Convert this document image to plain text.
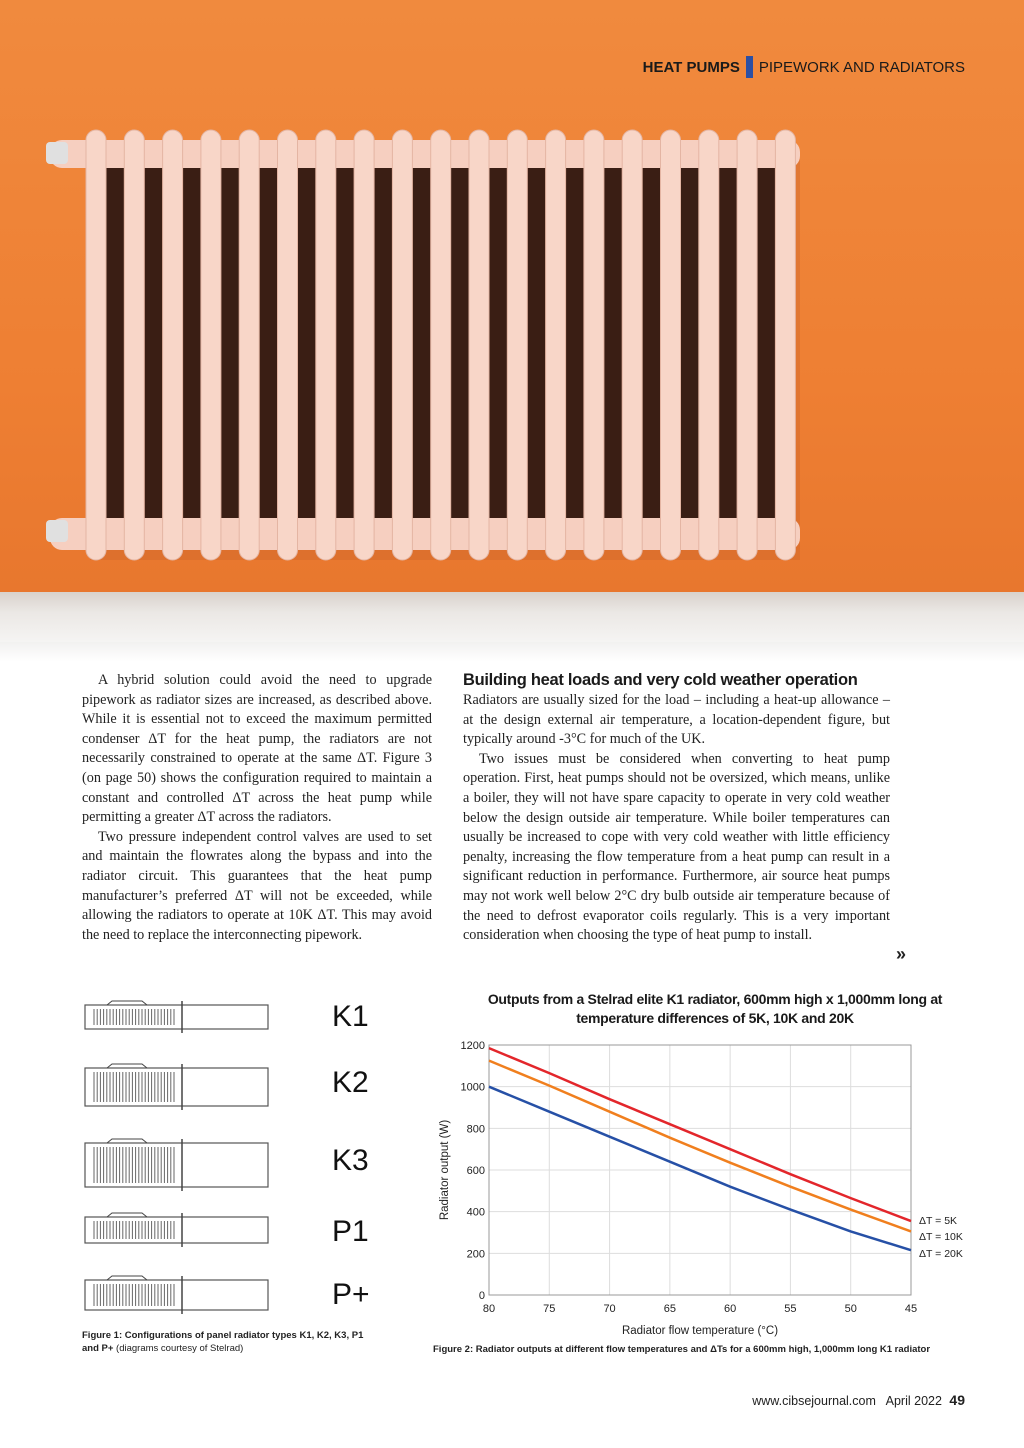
HEAT PUMPS PIPEWORK AND RADIATORS

A hybrid solution could avoid the need to upgrade pipework as radiator sizes are increased, as described above. While it is essential not to exceed the maximum permitted condenser ΔT for the heat pump, the radiators are not necessarily constrained to operate at the same ΔT. Figure 3 (on page 50) shows the configuration required to maintain a constant and controlled ΔT across the heat pump while permitting a greater ΔT across the radiators.

Two pressure independent control valves are used to set and maintain the flowrates along the bypass and into the radiator circuit. This guarantees that the heat pump manufacturer’s preferred ΔT will not be exceeded, while allowing the radiators to operate at 10K ΔT. This may avoid the need to replace the interconnecting pipework.

Building heat loads and very cold weather operation

Radiators are usually sized for the load – including a heat-up allowance – at the design external air temperature, a location-dependent figure, but typically around -3°C for much of the UK.

Two issues must be considered when converting to heat pump operation. First, heat pumps should not be oversized, which means, unlike a boiler, they will not have spare capacity to operate in very cold weather below the design outside air temperature. While boiler temperatures can usually be increased to cope with very cold weather with little efficiency penalty, increasing the flow temperature from a heat pump can result in a significant reduction in performance. Furthermore, air source heat pumps may not work well below 2°C dry bulb outside air temperature because of the need to defrost evaporator coils regularly. This is a very important consideration when choosing the type of heat pump to install.

»
K1
K2
K3
P1
P+
Figure 1: Configurations of panel radiator types K1, K2, K3, P1 and P+ (diagrams courtesy of Stelrad)
Outputs from a Stelrad elite K1 radiator, 600mm high x 1,000mm long at temperature differences of 5K, 10K and 20K
80	75	70	65	60	55	50	45
0
200
400
600
800
1000
1200
ΔT = 5K
ΔT = 10K
ΔT = 20K
Radiator flow temperature (°C)
Radiator output (W)
Figure 2: Radiator outputs at different flow temperatures and ΔTs for a 600mm high, 1,000mm long K1 radiator
www.cibsejournal.com April 2022 49
